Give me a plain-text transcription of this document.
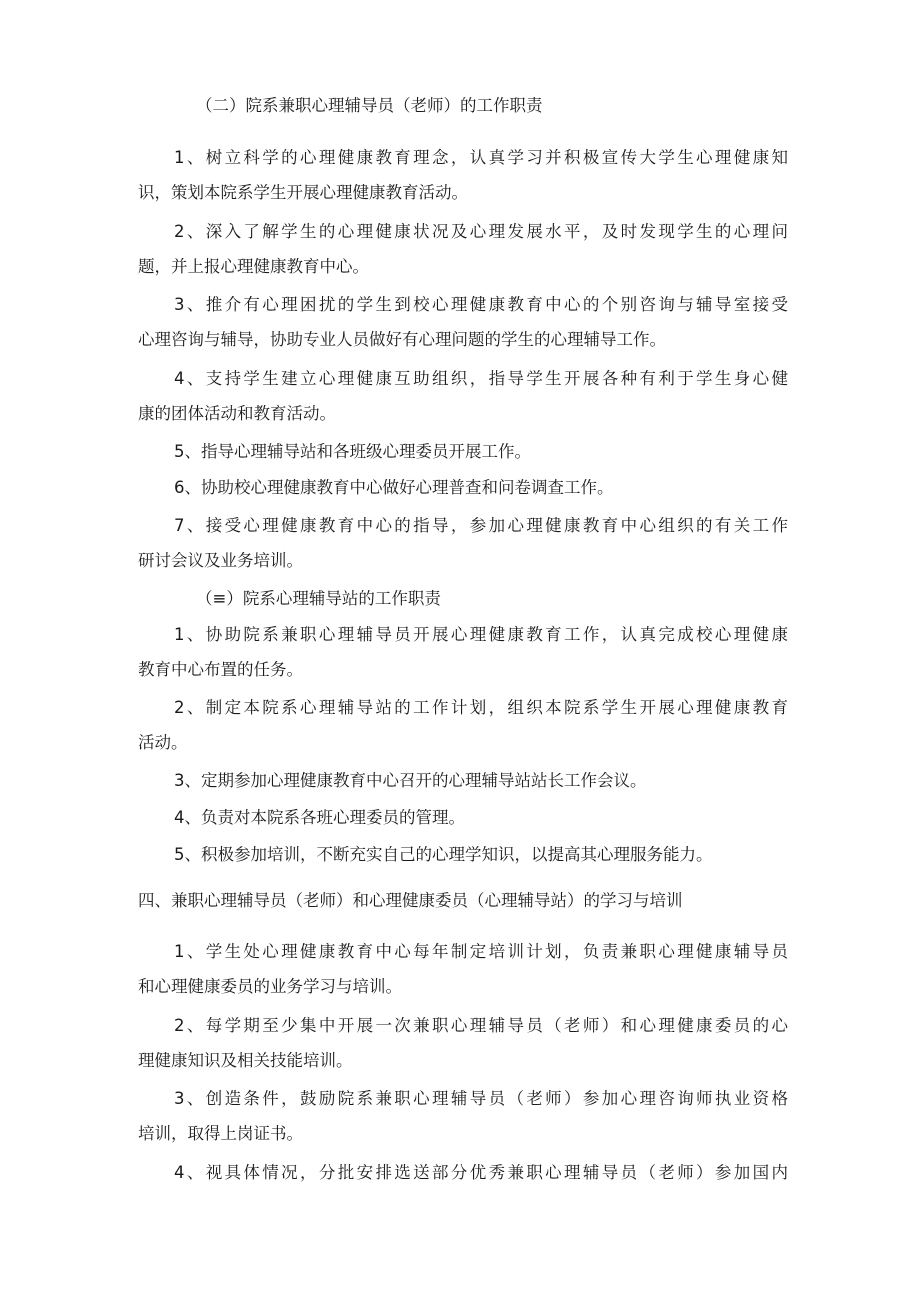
（二）院系兼职心理辅导员（老师）的工作职责
1、树立科学的心理健康教育理念，认真学习并积极宣传大学生心理健康知
识，策划本院系学生开展心理健康教育活动。
2、深入了解学生的心理健康状况及心理发展水平，及时发现学生的心理问
题，并上报心理健康教育中心。
3、推介有心理困扰的学生到校心理健康教育中心的个别咨询与辅导室接受
心理咨询与辅导，协助专业人员做好有心理问题的学生的心理辅导工作。
4、支持学生建立心理健康互助组织，指导学生开展各种有利于学生身心健
康的团体活动和教育活动。
5、指导心理辅导站和各班级心理委员开展工作。
6、协助校心理健康教育中心做好心理普查和问卷调查工作。
7、接受心理健康教育中心的指导，参加心理健康教育中心组织的有关工作
研讨会议及业务培训。
（≡）院系心理辅导站的工作职责
1、协助院系兼职心理辅导员开展心理健康教育工作，认真完成校心理健康
教育中心布置的任务。
2、制定本院系心理辅导站的工作计划，组织本院系学生开展心理健康教育
活动。
3、定期参加心理健康教育中心召开的心理辅导站站长工作会议。
4、负责对本院系各班心理委员的管理。
5、积极参加培训，不断充实自己的心理学知识，以提高其心理服务能力。
四、兼职心理辅导员（老师）和心理健康委员（心理辅导站）的学习与培训
1、学生处心理健康教育中心每年制定培训计划，负责兼职心理健康辅导员
和心理健康委员的业务学习与培训。
2、每学期至少集中开展一次兼职心理辅导员（老师）和心理健康委员的心
理健康知识及相关技能培训。
3、创造条件，鼓励院系兼职心理辅导员（老师）参加心理咨询师执业资格
培训，取得上岗证书。
4、视具体情况，分批安排选送部分优秀兼职心理辅导员（老师）参加国内
